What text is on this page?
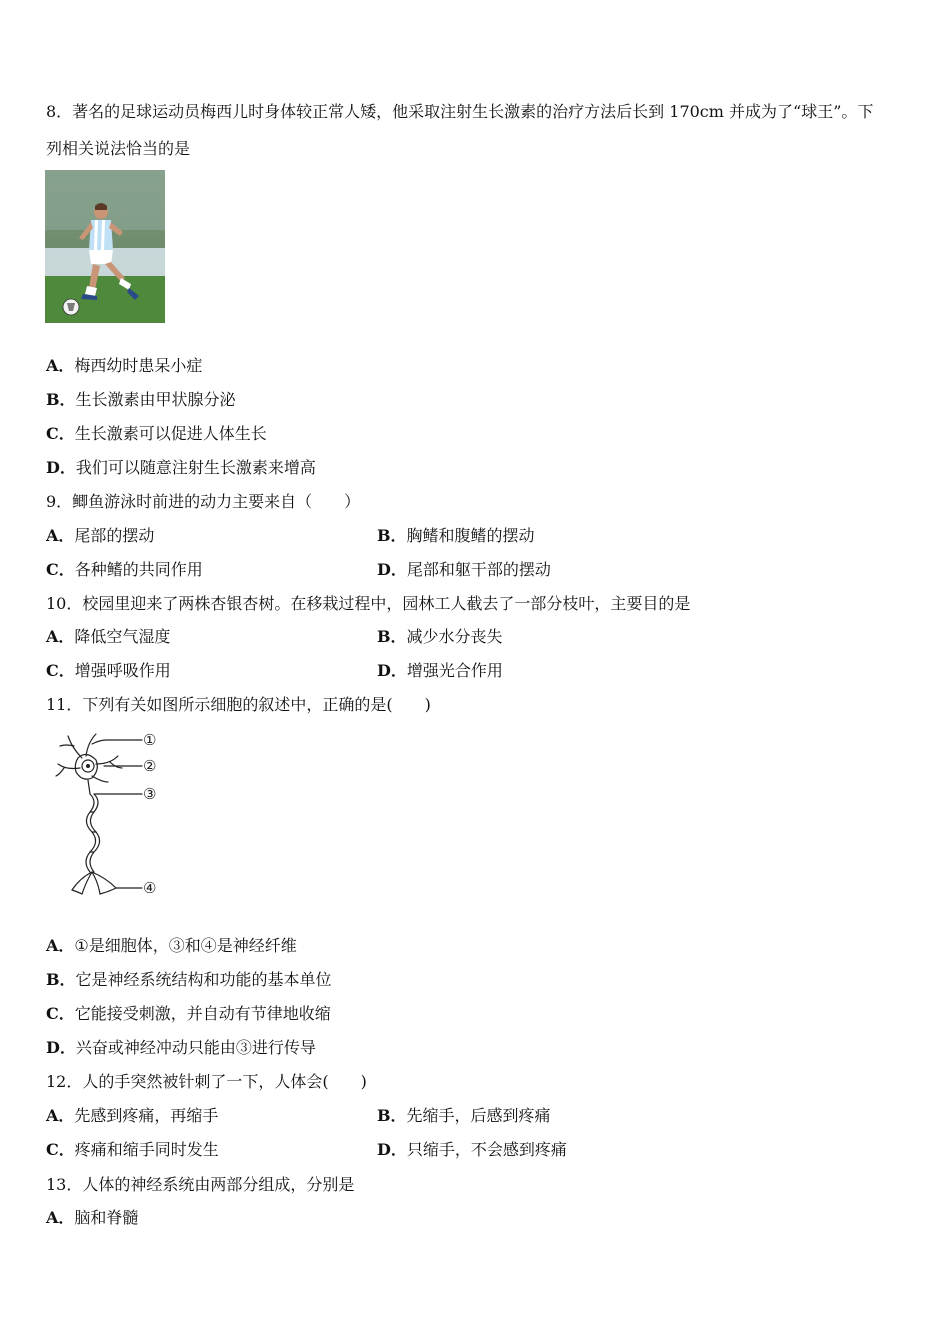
8．著名的足球运动员梅西儿时身体较正常人矮，他采取注射生长激素的治疗方法后长到 170cm 并成为了“球王”。下
列相关说法恰当的是
A．梅西幼时患呆小症
B．生长激素由甲状腺分泌
C．生长激素可以促进人体生长
D．我们可以随意注射生长激素来增高
9．鲫鱼游泳时前进的动力主要来自（　　）
A．尾部的摆动	B．胸鳍和腹鳍的摆动
C．各种鳍的共同作用	D．尾部和躯干部的摆动
10．校园里迎来了两株杏银杏树。在移栽过程中，园林工人截去了一部分枝叶，主要目的是
A．降低空气湿度	B．减少水分丧失
C．增强呼吸作用	D．增强光合作用
11．下列有关如图所示细胞的叙述中，正确的是(　　)
①
②
③
④
A．①是细胞体，③和④是神经纤维
B．它是神经系统结构和功能的基本单位
C．它能接受刺激，并自动有节律地收缩
D．兴奋或神经冲动只能由③进行传导
12．人的手突然被针刺了一下，人体会(　　)
A．先感到疼痛，再缩手	B．先缩手，后感到疼痛
C．疼痛和缩手同时发生	D．只缩手，不会感到疼痛
13．人体的神经系统由两部分组成，分别是
A．脑和脊髓
